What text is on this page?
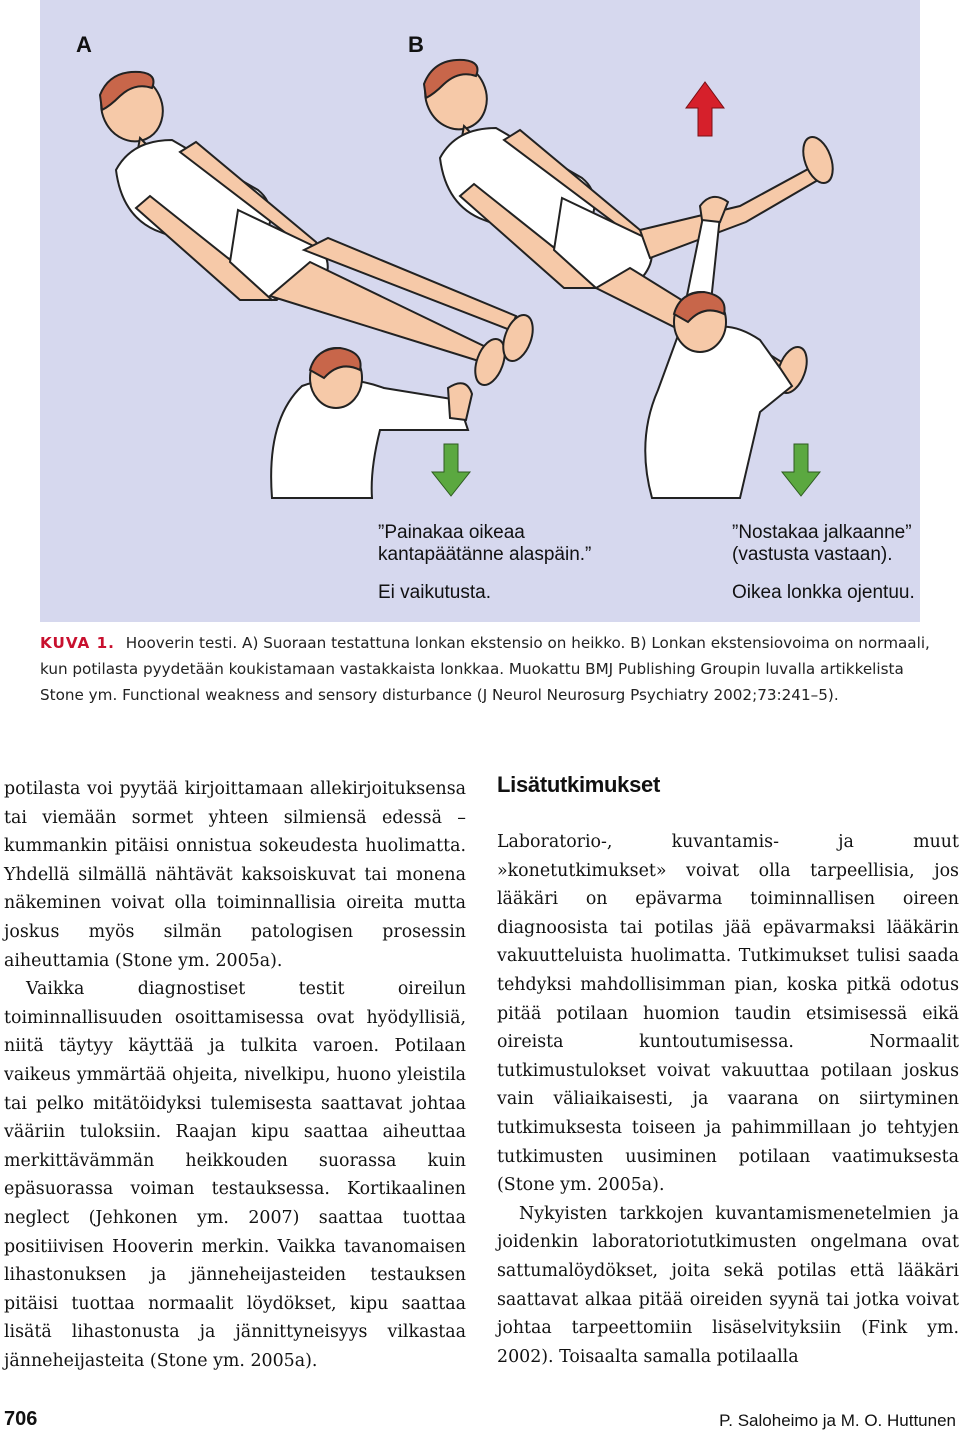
A	B
”Painakaa oikeaa
kantapäätänne alaspäin.”
Ei vaikutusta.
”Nostakaa jalkaanne”
(vastusta vastaan).
Oikea lonkka ojentuu.
KUVA 1. Hooverin testi. A) Suoraan testattuna lonkan ekstensio on heikko. B) Lonkan ekstensiovoima on normaali, kun potilasta pyydetään koukistamaan vastakkaista lonkkaa. Muokattu BMJ Publishing Groupin luvalla artikkelista Stone ym. Functional weakness and sensory disturbance (J Neurol Neurosurg Psychiatry 2002;73:241–5).

potilasta voi pyytää kirjoittamaan allekirjoituksensa tai viemään sormet yhteen silmiensä edessä – kummankin pitäisi onnistua sokeudesta huolimatta. Yhdellä silmällä nähtävät kaksoiskuvat tai monena näkeminen voivat olla toiminnallisia oireita mutta joskus myös silmän patologisen prosessin aiheuttamia (Stone ym. 2005a).

Vaikka diagnostiset testit oireilun toiminnallisuuden osoittamisessa ovat hyödyllisiä, niitä täytyy käyttää ja tulkita varoen. Potilaan vaikeus ymmärtää ohjeita, nivelkipu, huono yleistila tai pelko mitätöidyksi tulemisesta saattavat johtaa vääriin tuloksiin. Raajan kipu saattaa aiheuttaa merkittävämmän heikkouden suorassa kuin epäsuorassa voiman testauksessa. Kortikaalinen neglect (Jehkonen ym. 2007) saattaa tuottaa positiivisen Hooverin merkin. Vaikka tavanomaisen lihastonuksen ja jänneheijasteiden testauksen pitäisi tuottaa normaalit löydökset, kipu saattaa lisätä lihastonusta ja jännittyneisyys vilkastaa jänneheijasteita (Stone ym. 2005a).

Lisätutkimukset

Laboratorio-, kuvantamis- ja muut »konetutkimukset» voivat olla tarpeellisia, jos lääkäri on epävarma toiminnallisen oireen diagnoosista tai potilas jää epävarmaksi lääkärin vakuutteluista huolimatta. Tutkimukset tulisi saada tehdyksi mahdollisimman pian, koska pitkä odotus pitää potilaan huomion taudin etsimisessä eikä oireista kuntoutumisessa. Normaalit tutkimustulokset voivat vakuuttaa potilaan joskus vain väliaikaisesti, ja vaarana on siirtyminen tutkimuksesta toiseen ja pahimmillaan jo tehtyjen tutkimusten uusiminen potilaan vaatimuksesta (Stone ym. 2005a).

Nykyisten tarkkojen kuvantamismenetelmien ja joidenkin laboratoriotutkimusten ongelmana ovat sattumalöydökset, joita sekä potilas että lääkäri saattavat alkaa pitää oireiden syynä tai jotka voivat johtaa tarpeettomiin lisäselvityksiin (Fink ym. 2002). Toisaalta samalla potilaalla

706	P. Saloheimo ja M. O. Huttunen
